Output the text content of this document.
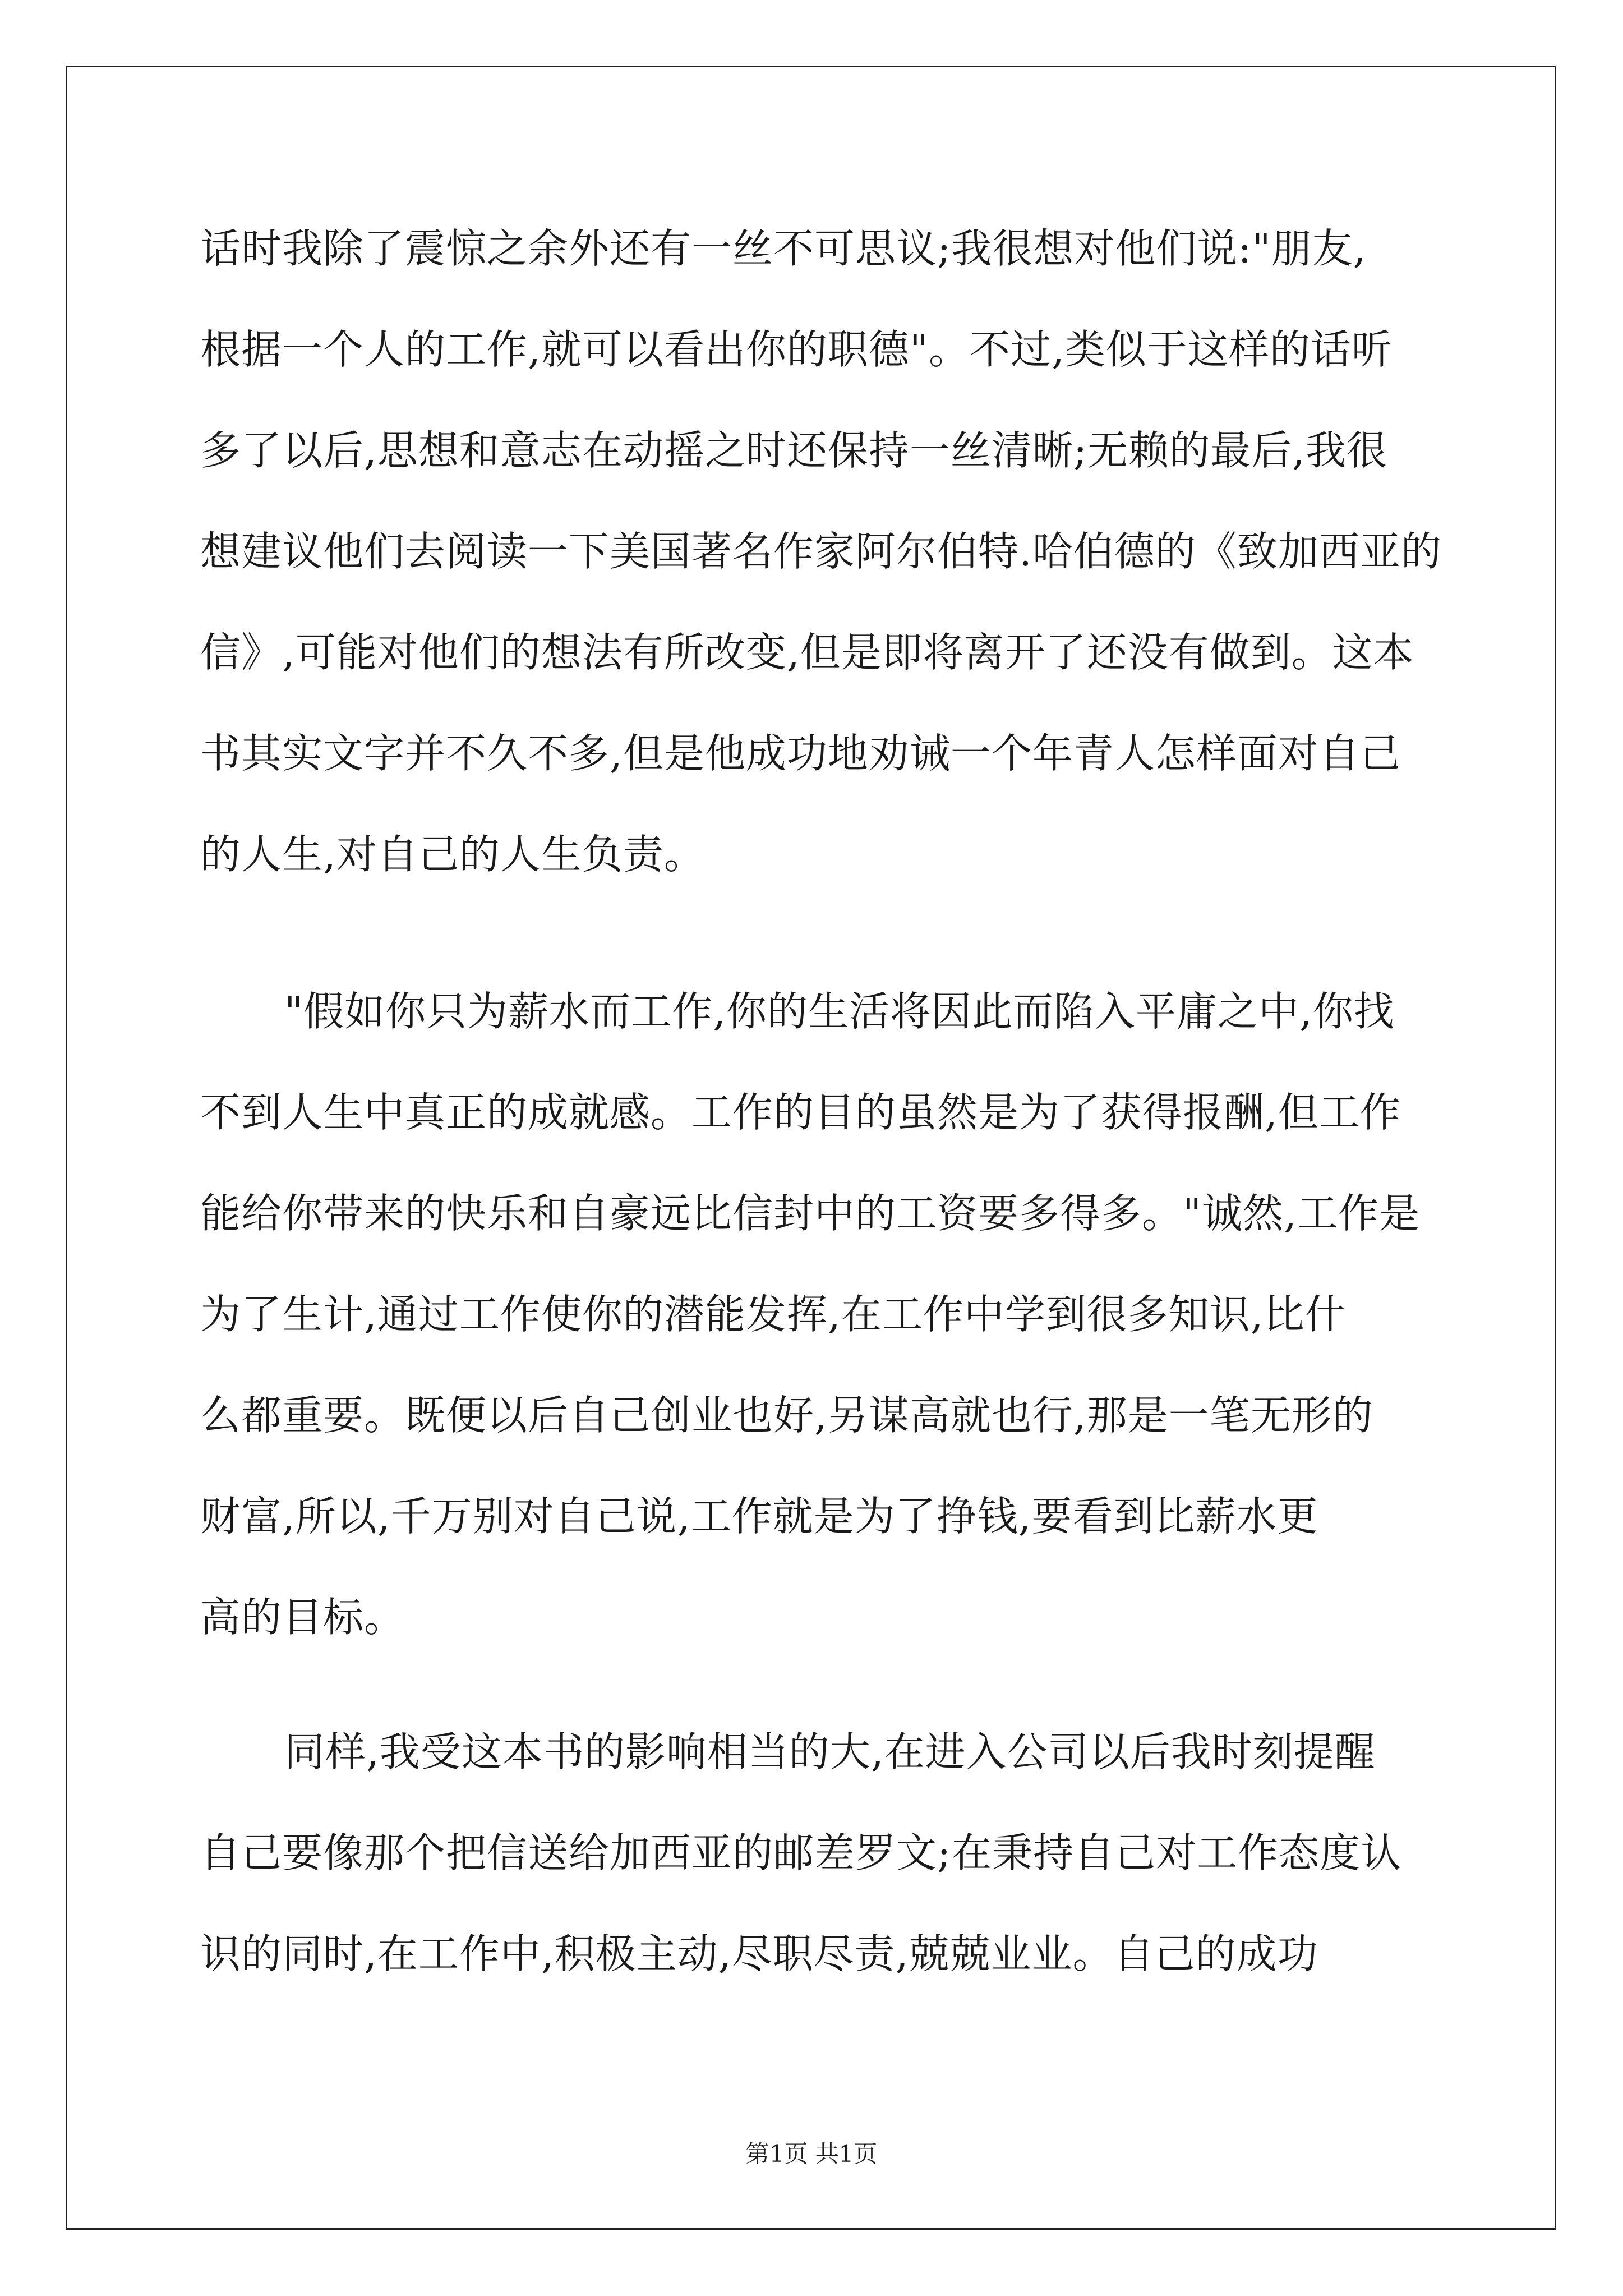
话时我除了震惊之余外还有一丝不可思议;我很想对他们说:"朋友,
根据一个人的工作,就可以看出你的职德"。不过,类似于这样的话听
多了以后,思想和意志在动摇之时还保持一丝清晰;无赖的最后,我很
想建议他们去阅读一下美国著名作家阿尔伯特.哈伯德的《致加西亚的
信》,可能对他们的想法有所改变,但是即将离开了还没有做到。这本
书其实文字并不久不多,但是他成功地劝诫一个年青人怎样面对自己
的人生,对自己的人生负责。
"假如你只为薪水而工作,你的生活将因此而陷入平庸之中,你找
不到人生中真正的成就感。工作的目的虽然是为了获得报酬,但工作
能给你带来的快乐和自豪远比信封中的工资要多得多。"诚然,工作是
为了生计,通过工作使你的潜能发挥,在工作中学到很多知识,比什
么都重要。既便以后自己创业也好,另谋高就也行,那是一笔无形的
财富,所以,千万别对自己说,工作就是为了挣钱,要看到比薪水更
高的目标。
同样,我受这本书的影响相当的大,在进入公司以后我时刻提醒
自己要像那个把信送给加西亚的邮差罗文;在秉持自己对工作态度认
识的同时,在工作中,积极主动,尽职尽责,兢兢业业。自己的成功
第1页 共1页
